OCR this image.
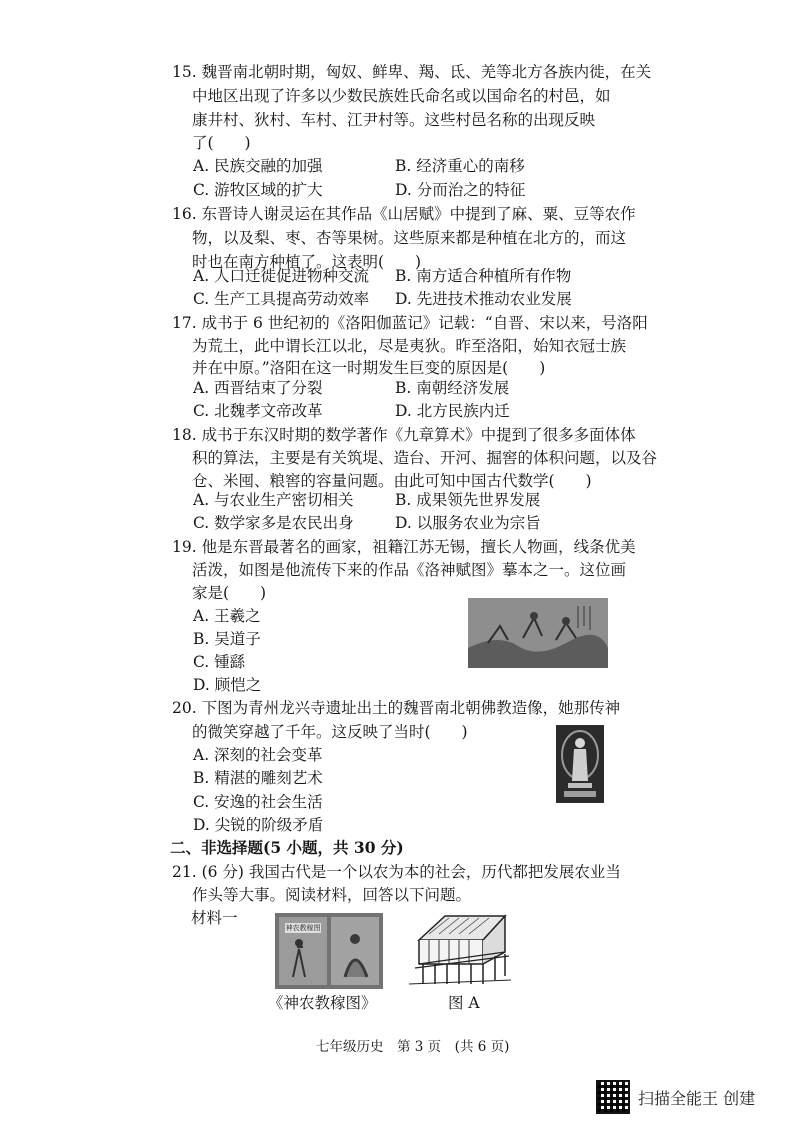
15. 魏晋南北朝时期，匈奴、鲜卑、羯、氐、羌等北方各族内徙，在关
中地区出现了许多以少数民族姓氏命名或以国命名的村邑，如
康井村、狄村、车村、江尹村等。这些村邑名称的出现反映
了(　　)
A. 民族交融的加强	B. 经济重心的南移
C. 游牧区域的扩大	D. 分而治之的特征
16. 东晋诗人谢灵运在其作品《山居赋》中提到了麻、粟、豆等农作
物，以及梨、枣、杏等果树。这些原来都是种植在北方的，而这
时也在南方种植了。这表明(　　)
A. 人口迁徙促进物种交流 B. 南方适合种植所有作物
C. 生产工具提高劳动效率 D. 先进技术推动农业发展
17. 成书于 6 世纪初的《洛阳伽蓝记》记载：“自晋、宋以来，号洛阳
为荒土，此中谓长江以北，尽是夷狄。昨至洛阳，始知衣冠士族
并在中原。”洛阳在这一时期发生巨变的原因是(　　)
A. 西晋结束了分裂	B. 南朝经济发展
C. 北魏孝文帝改革	D. 北方民族内迁
18. 成书于东汉时期的数学著作《九章算术》中提到了很多多面体体
积的算法，主要是有关筑堤、造台、开河、掘窖的体积问题，以及谷
仓、米囤、粮窖的容量问题。由此可知中国古代数学(　　)
A. 与农业生产密切相关	B. 成果领先世界发展
C. 数学家多是农民出身	D. 以服务农业为宗旨
19. 他是东晋最著名的画家，祖籍江苏无锡，擅长人物画，线条优美
活泼，如图是他流传下来的作品《洛神赋图》摹本之一。这位画
家是(　　)
A. 王羲之
B. 吴道子
C. 锺繇
D. 顾恺之
20. 下图为青州龙兴寺遗址出土的魏晋南北朝佛教造像，她那传神
的微笑穿越了千年。这反映了当时(　　)
A. 深刻的社会变革
B. 精湛的雕刻艺术
C. 安逸的社会生活
D. 尖锐的阶级矛盾
二、非选择题(5 小题，共 30 分)
21. (6 分) 我国古代是一个以农为本的社会，历代都把发展农业当
作头等大事。阅读材料，回答以下问题。
材料一
神农教稼图
《神农教稼图》	图 A
七年级历史　第 3 页　(共 6 页)
扫描全能王 创建
